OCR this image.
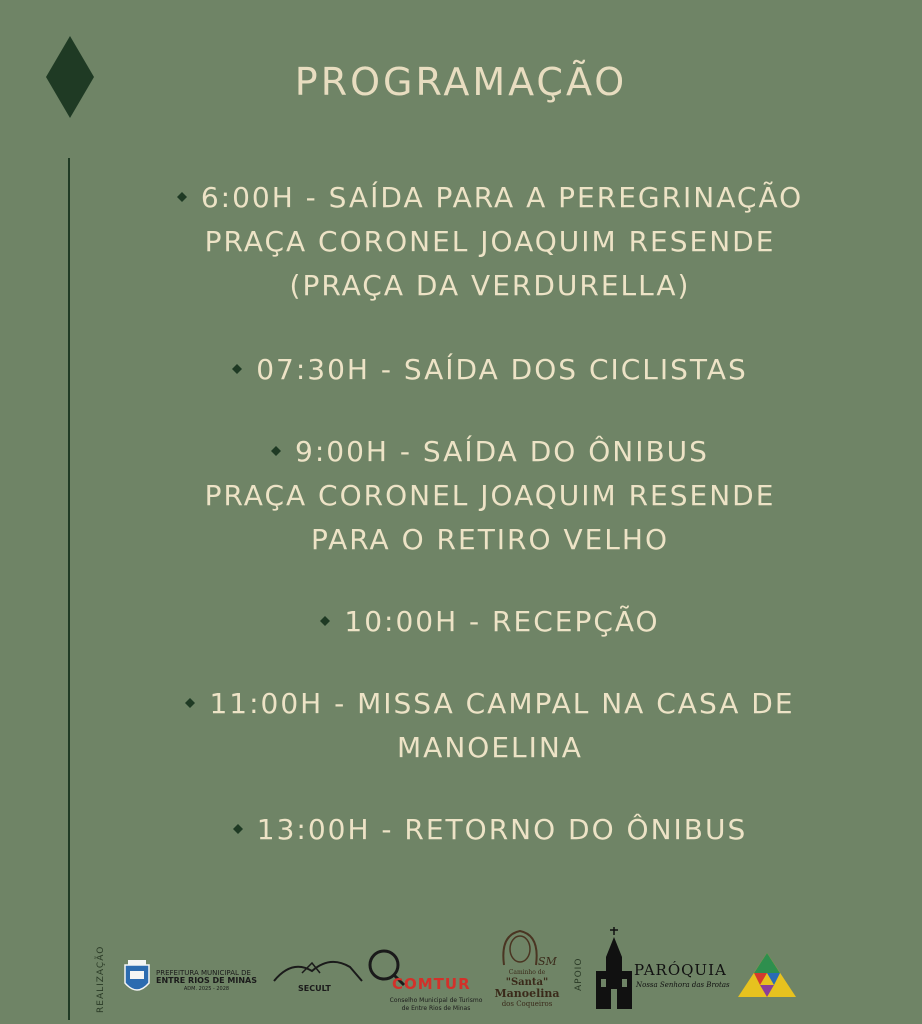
PROGRAMAÇÃO
6:00H - SAÍDA PARA A PEREGRINAÇÃO
PRAÇA CORONEL JOAQUIM RESENDE
(PRAÇA DA VERDURELLA)
07:30H - SAÍDA DOS CICLISTAS
9:00H - SAÍDA DO ÔNIBUS
PRAÇA CORONEL JOAQUIM RESENDE
PARA O RETIRO VELHO
10:00H - RECEPÇÃO
11:00H - MISSA CAMPAL NA CASA DE
MANOELINA
13:00H - RETORNO DO ÔNIBUS
REALIZAÇÃO	PREFEITURA MUNICIPAL DE
ENTRE RIOS DE MINAS
ADM. 2025 - 2028	SECULT	COMTUR
Conselho Municipal de Turismo
de Entre Rios de Minas
SM
Caminho de
"Santa"
Manoelina
dos Coqueiros
APOIO	PARÓQUIA
Nossa Senhora das Brotas
